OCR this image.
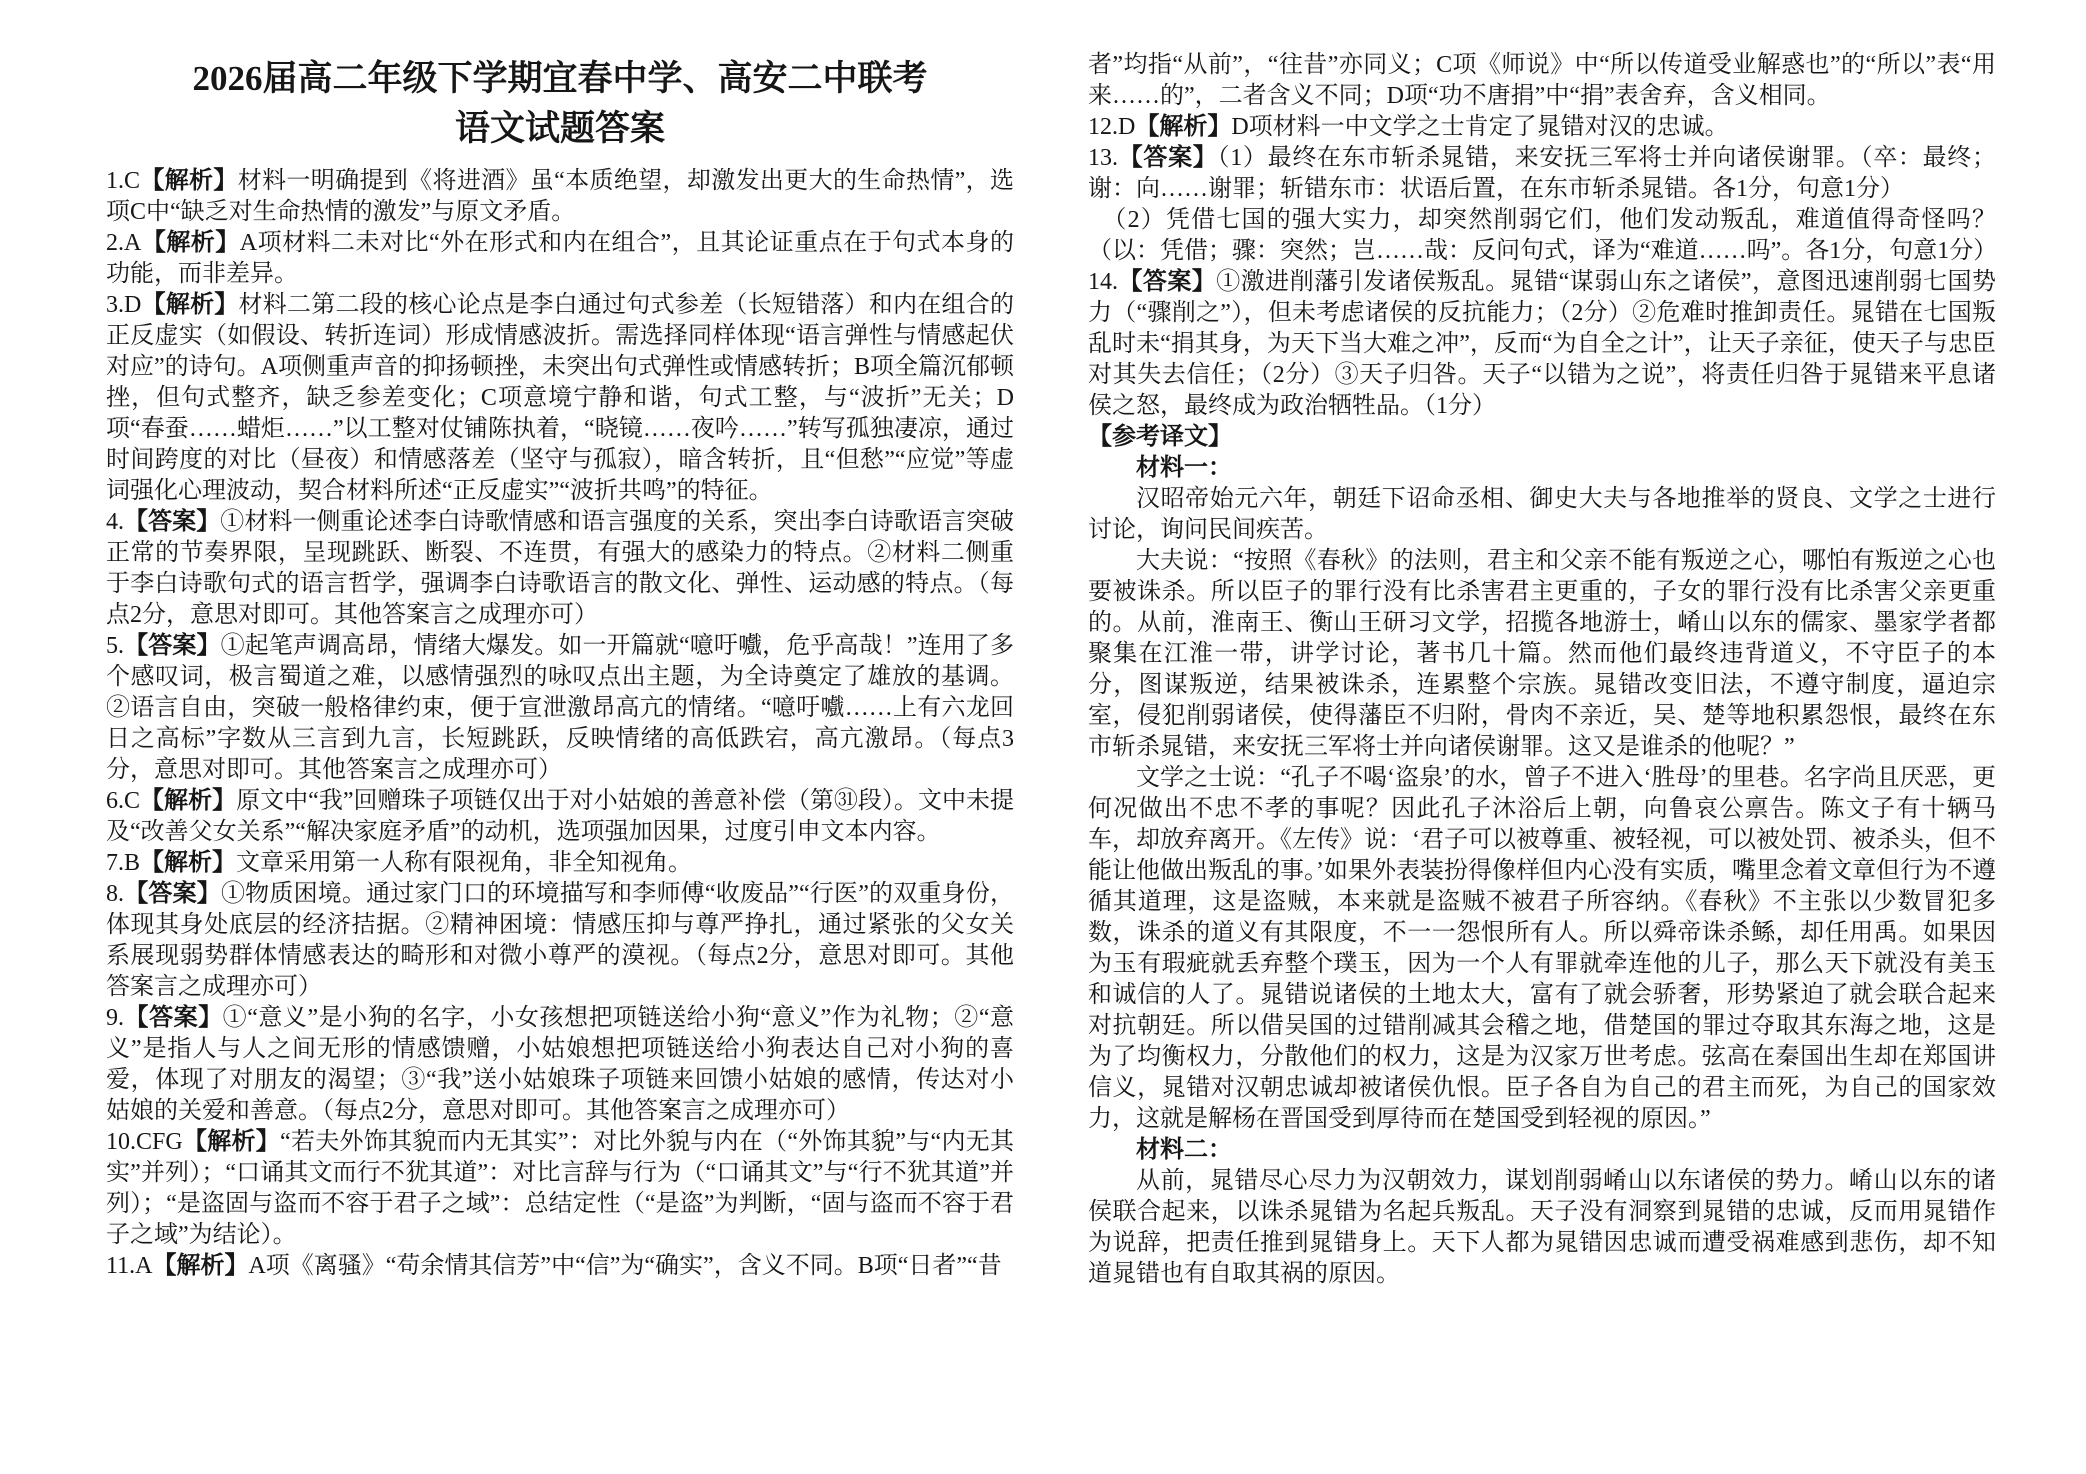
2026届高二年级下学期宜春中学、高安二中联考
语文试题答案

1.C【解析】材料一明确提到《将进酒》虽“本质绝望，却激发出更大的生命热情”，选项C中“缺乏对生命热情的激发”与原文矛盾。

2.A【解析】A项材料二未对比“外在形式和内在组合”，且其论证重点在于句式本身的功能，而非差异。

3.D【解析】材料二第二段的核心论点是李白通过句式参差（长短错落）和内在组合的正反虚实（如假设、转折连词）形成情感波折。需选择同样体现“语言弹性与情感起伏对应”的诗句。A项侧重声音的抑扬顿挫，未突出句式弹性或情感转折；B项全篇沉郁顿挫，但句式整齐，缺乏参差变化；C项意境宁静和谐，句式工整，与“波折”无关；D项“春蚕……蜡炬……”以工整对仗铺陈执着，“晓镜……夜吟……”转写孤独凄凉，通过时间跨度的对比（昼夜）和情感落差（坚守与孤寂），暗含转折，且“但愁”“应觉”等虚词强化心理波动，契合材料所述“正反虚实”“波折共鸣”的特征。

4.【答案】①材料一侧重论述李白诗歌情感和语言强度的关系，突出李白诗歌语言突破正常的节奏界限，呈现跳跃、断裂、不连贯，有强大的感染力的特点。②材料二侧重于李白诗歌句式的语言哲学，强调李白诗歌语言的散文化、弹性、运动感的特点。（每点2分，意思对即可。其他答案言之成理亦可）

5.【答案】①起笔声调高昂，情绪大爆发。如一开篇就“噫吁嚱，危乎高哉！”连用了多个感叹词，极言蜀道之难，以感情强烈的咏叹点出主题，为全诗奠定了雄放的基调。②语言自由，突破一般格律约束，便于宣泄激昂高亢的情绪。“噫吁嚱……上有六龙回日之高标”字数从三言到九言，长短跳跃，反映情绪的高低跌宕，高亢激昂。（每点3分，意思对即可。其他答案言之成理亦可）

6.C【解析】原文中“我”回赠珠子项链仅出于对小姑娘的善意补偿（第㉛段）。文中未提及“改善父女关系”“解决家庭矛盾”的动机，选项强加因果，过度引申文本内容。

7.B【解析】文章采用第一人称有限视角，非全知视角。

8.【答案】①物质困境。通过家门口的环境描写和李师傅“收废品”“行医”的双重身份，体现其身处底层的经济拮据。②精神困境：情感压抑与尊严挣扎，通过紧张的父女关系展现弱势群体情感表达的畸形和对微小尊严的漠视。（每点2分，意思对即可。其他答案言之成理亦可）

9.【答案】①“意义”是小狗的名字，小女孩想把项链送给小狗“意义”作为礼物；②“意义”是指人与人之间无形的情感馈赠，小姑娘想把项链送给小狗表达自己对小狗的喜爱，体现了对朋友的渴望；③“我”送小姑娘珠子项链来回馈小姑娘的感情，传达对小姑娘的关爱和善意。（每点2分，意思对即可。其他答案言之成理亦可）

10.CFG【解析】“若夫外饰其貌而内无其实”：对比外貌与内在（“外饰其貌”与“内无其实”并列）；“口诵其文而行不犹其道”：对比言辞与行为（“口诵其文”与“行不犹其道”并列）；“是盗固与盗而不容于君子之域”：总结定性（“是盗”为判断，“固与盗而不容于君子之域”为结论）。

11.A【解析】A项《离骚》“苟余情其信芳”中“信”为“确实”，含义不同。B项“日者”“昔

者”均指“从前”，“往昔”亦同义；C项《师说》中“所以传道受业解惑也”的“所以”表“用来……的”，二者含义不同；D项“功不唐捐”中“捐”表舍弃，含义相同。

12.D【解析】D项材料一中文学之士肯定了晁错对汉的忠诚。

13.【答案】（1）最终在东市斩杀晁错，来安抚三军将士并向诸侯谢罪。（卒：最终；谢：向……谢罪；斩错东市：状语后置，在东市斩杀晁错。各1分，句意1分）

（2）凭借七国的强大实力，却突然削弱它们，他们发动叛乱，难道值得奇怪吗？（以：凭借；骤：突然；岂……哉：反问句式，译为“难道……吗”。各1分，句意1分）

14.【答案】①激进削藩引发诸侯叛乱。晁错“谋弱山东之诸侯”，意图迅速削弱七国势力（“骤削之”），但未考虑诸侯的反抗能力；（2分）②危难时推卸责任。晁错在七国叛乱时未“捐其身，为天下当大难之冲”，反而“为自全之计”，让天子亲征，使天子与忠臣对其失去信任；（2分）③天子归咎。天子“以错为之说”，将责任归咎于晁错来平息诸侯之怒，最终成为政治牺牲品。（1分）

【参考译文】

材料一：

汉昭帝始元六年，朝廷下诏命丞相、御史大夫与各地推举的贤良、文学之士进行讨论，询问民间疾苦。

大夫说：“按照《春秋》的法则，君主和父亲不能有叛逆之心，哪怕有叛逆之心也要被诛杀。所以臣子的罪行没有比杀害君主更重的，子女的罪行没有比杀害父亲更重的。从前，淮南王、衡山王研习文学，招揽各地游士，崤山以东的儒家、墨家学者都聚集在江淮一带，讲学讨论，著书几十篇。然而他们最终违背道义，不守臣子的本分，图谋叛逆，结果被诛杀，连累整个宗族。晁错改变旧法，不遵守制度，逼迫宗室，侵犯削弱诸侯，使得藩臣不归附，骨肉不亲近，吴、楚等地积累怨恨，最终在东市斩杀晁错，来安抚三军将士并向诸侯谢罪。这又是谁杀的他呢？”

文学之士说：“孔子不喝‘盗泉’的水，曾子不进入‘胜母’的里巷。名字尚且厌恶，更何况做出不忠不孝的事呢？因此孔子沐浴后上朝，向鲁哀公禀告。陈文子有十辆马车，却放弃离开。《左传》说：‘君子可以被尊重、被轻视，可以被处罚、被杀头，但不能让他做出叛乱的事。’如果外表装扮得像样但内心没有实质，嘴里念着文章但行为不遵循其道理，这是盗贼，本来就是盗贼不被君子所容纳。《春秋》不主张以少数冒犯多数，诛杀的道义有其限度，不一一怨恨所有人。所以舜帝诛杀鲧，却任用禹。如果因为玉有瑕疵就丢弃整个璞玉，因为一个人有罪就牵连他的儿子，那么天下就没有美玉和诚信的人了。晁错说诸侯的土地太大，富有了就会骄奢，形势紧迫了就会联合起来对抗朝廷。所以借吴国的过错削减其会稽之地，借楚国的罪过夺取其东海之地，这是为了均衡权力，分散他们的权力，这是为汉家万世考虑。弦高在秦国出生却在郑国讲信义，晁错对汉朝忠诚却被诸侯仇恨。臣子各自为自己的君主而死，为自己的国家效力，这就是解杨在晋国受到厚待而在楚国受到轻视的原因。”

材料二：

从前，晁错尽心尽力为汉朝效力，谋划削弱崤山以东诸侯的势力。崤山以东的诸侯联合起来，以诛杀晁错为名起兵叛乱。天子没有洞察到晁错的忠诚，反而用晁错作为说辞，把责任推到晁错身上。天下人都为晁错因忠诚而遭受祸难感到悲伤，却不知道晁错也有自取其祸的原因。
